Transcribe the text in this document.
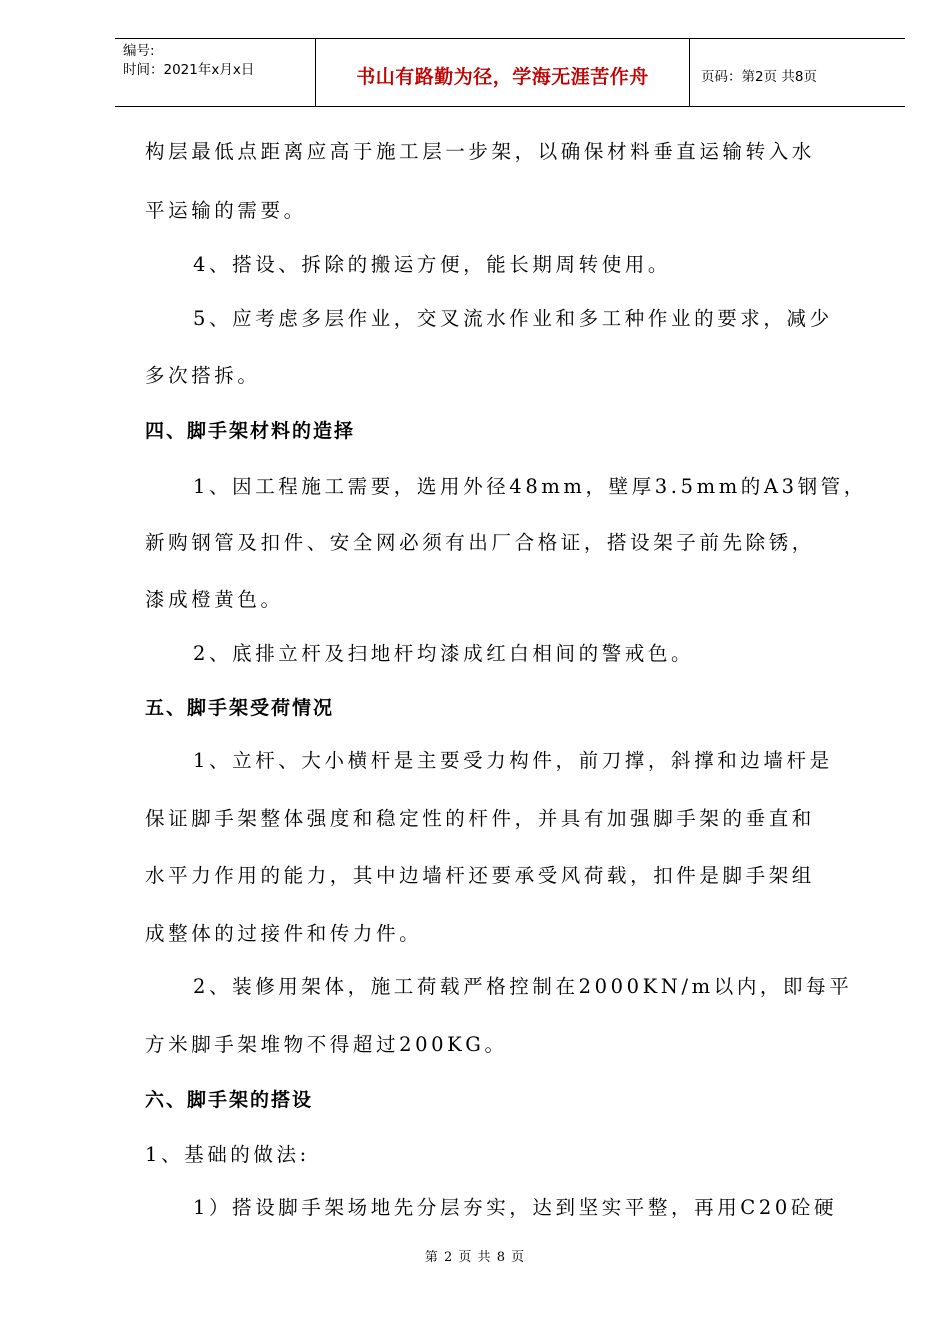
编号:
时间：2021年x月x日	书山有路勤为径，学海无涯苦作舟	页码：第2页 共8页
构层最低点距离应高于施工层一步架，以确保材料垂直运输转入水
平运输的需要。
4、搭设、拆除的搬运方便，能长期周转使用。
5、应考虑多层作业，交叉流水作业和多工种作业的要求，减少
多次搭拆。
四、脚手架材料的造择
1、因工程施工需要，选用外径48mm，壁厚3.5mm的A3钢管，
新购钢管及扣件、安全网必须有出厂合格证，搭设架子前先除锈，
漆成橙黄色。
2、底排立杆及扫地杆均漆成红白相间的警戒色。
五、脚手架受荷情况
1、立杆、大小横杆是主要受力构件，前刀撑，斜撑和边墙杆是
保证脚手架整体强度和稳定性的杆件，并具有加强脚手架的垂直和
水平力作用的能力，其中边墙杆还要承受风荷载，扣件是脚手架组
成整体的过接件和传力件。
2、装修用架体，施工荷载严格控制在2000KN/m以内，即每平
方米脚手架堆物不得超过200KG。
六、脚手架的搭设
1、基础的做法:
1）搭设脚手架场地先分层夯实，达到坚实平整，再用C20砼硬
第 2 页 共 8 页
